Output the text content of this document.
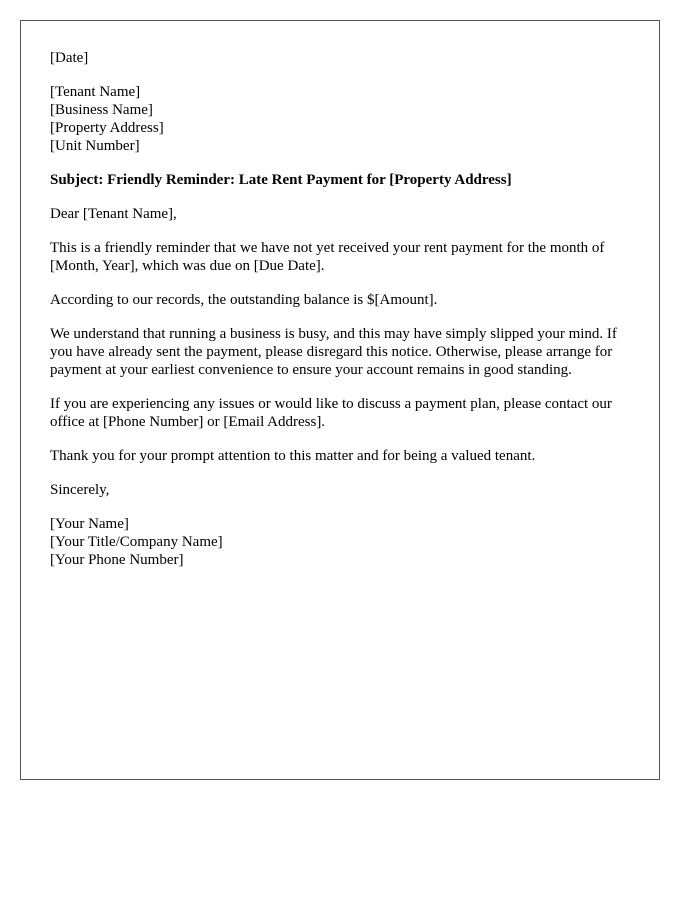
[Date]

[Tenant Name]
[Business Name]
[Property Address]
[Unit Number]

Subject: Friendly Reminder: Late Rent Payment for [Property Address]

Dear [Tenant Name],

This is a friendly reminder that we have not yet received your rent payment for the month of [Month, Year], which was due on [Due Date].

According to our records, the outstanding balance is $[Amount].

We understand that running a business is busy, and this may have simply slipped your mind. If you have already sent the payment, please disregard this notice. Otherwise, please arrange for payment at your earliest convenience to ensure your account remains in good standing.

If you are experiencing any issues or would like to discuss a payment plan, please contact our office at [Phone Number] or [Email Address].

Thank you for your prompt attention to this matter and for being a valued tenant.

Sincerely,

[Your Name]
[Your Title/Company Name]
[Your Phone Number]
